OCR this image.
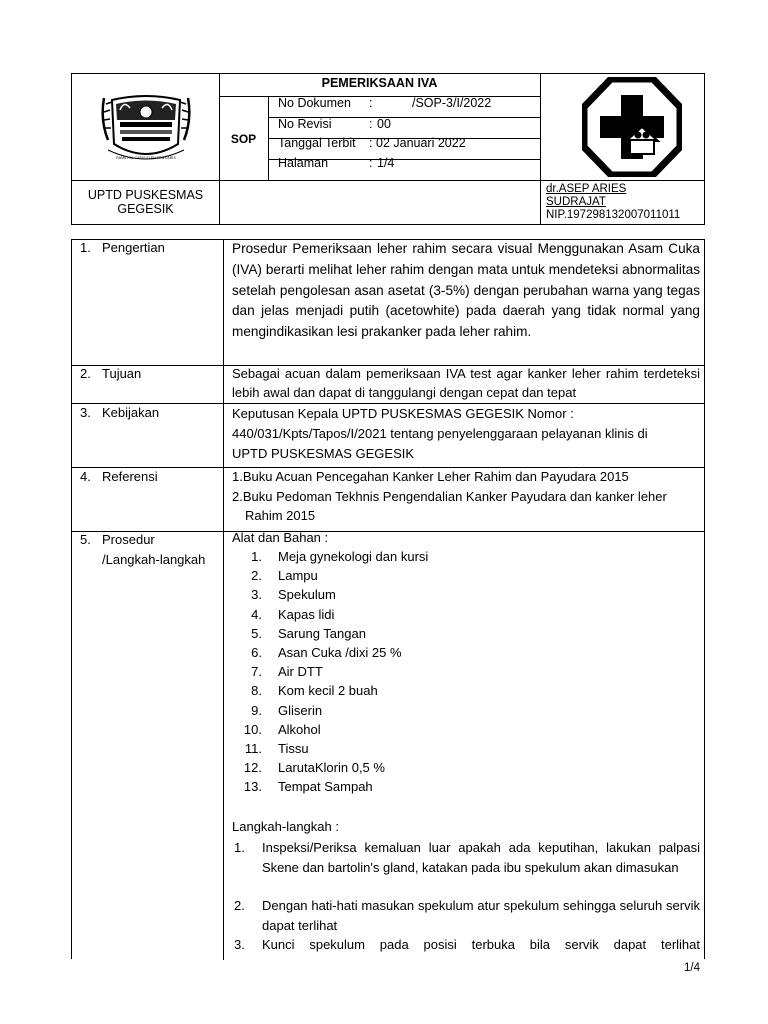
RAMA PAL CARIS ELEN PRA CARIS
PEMERIKSAAN IVA
SOP
No Dokumen :	/SOP-3/I/2022
No Revisi	: 00
Tanggal Terbit : 02 Januari 2022
Halaman	: 1/4
UPTD PUSKESMAS
GEGESIK
dr.ASEP ARIES
SUDRAJAT
NIP.197298132007011011
1. Pengertian	Prosedur Pemeriksaan leher rahim secara visual Menggunakan Asam Cuka (IVA) berarti melihat leher rahim dengan mata untuk mendeteksi abnormalitas setelah pengolesan asan asetat (3-5%) dengan perubahan warna yang tegas dan jelas menjadi putih (acetowhite) pada daerah yang tidak normal yang mengindikasikan lesi prakanker pada leher rahim.

2. Tujuan	Sebagai acuan dalam pemeriksaan IVA test agar kanker leher rahim terdeteksi lebih awal dan dapat di tanggulangi dengan cepat dan tepat

3. Kebijakan	Keputusan Kepala UPTD PUSKESMAS GEGESIK Nomor :
440/031/Kpts/Tapos/I/2021 tentang penyelenggaraan pelayanan klinis di
UPTD PUSKESMAS GEGESIK
4. Referensi	1.Buku Acuan Pencegahan Kanker Leher Rahim dan Payudara 2015
2.Buku Pedoman Tekhnis Pengendalian Kanker Payudara dan kanker leher
Rahim 2015
5. Prosedur
/Langkah-langkah
Alat dan Bahan :
1. Meja gynekologi dan kursi
2. Lampu
3. Spekulum
4. Kapas lidi
5. Sarung Tangan
6. Asan Cuka /dixi 25 %
7. Air DTT
8. Kom kecil 2 buah
9. Gliserin
10. Alkohol
11. Tissu
12. LarutaKlorin 0,5 %
13. Tempat Sampah
Langkah-langkah :
1. Inspeksi/Periksa kemaluan luar apakah ada keputihan, lakukan palpasi Skene dan bartolin's gland, katakan pada ibu spekulum akan dimasukan
2. Dengan hati-hati masukan spekulum atur spekulum sehingga seluruh servik dapat terlihat
3. Kunci spekulum pada posisi terbuka bila servik dapat terlihat
1/4
